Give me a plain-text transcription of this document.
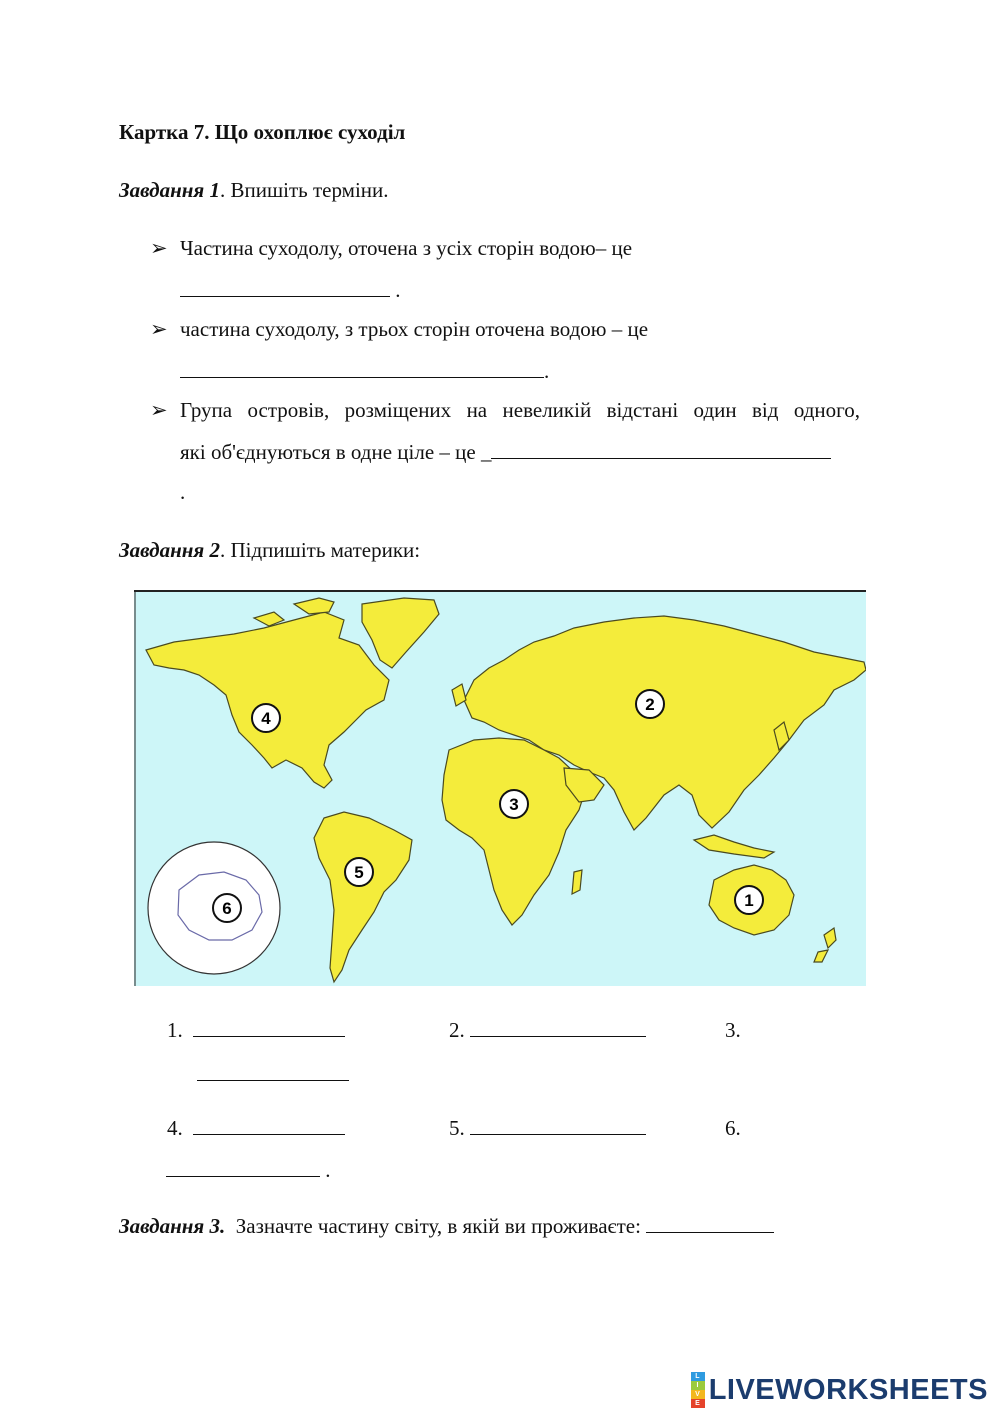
Картка 7. Що охоплює суходіл
Завдання 1. Впишіть терміни.
➢ Частина суходолу, оточена з усіх сторін водою– це
.
➢ частина суходолу, з трьох сторін оточена водою – це
.
➢ Група островів, розміщених на невеликій відстані один від одного,
які об'єднуються в одне ціле – це _
.
Завдання 2. Підпишіть материки:
1
2
3
4
5
6
1.	2.	3.
4.	5.	6.
.
Завдання 3. Зазначте частину світу, в якій ви проживаєте:
L
I
V
E LIVEWORKSHEETS
